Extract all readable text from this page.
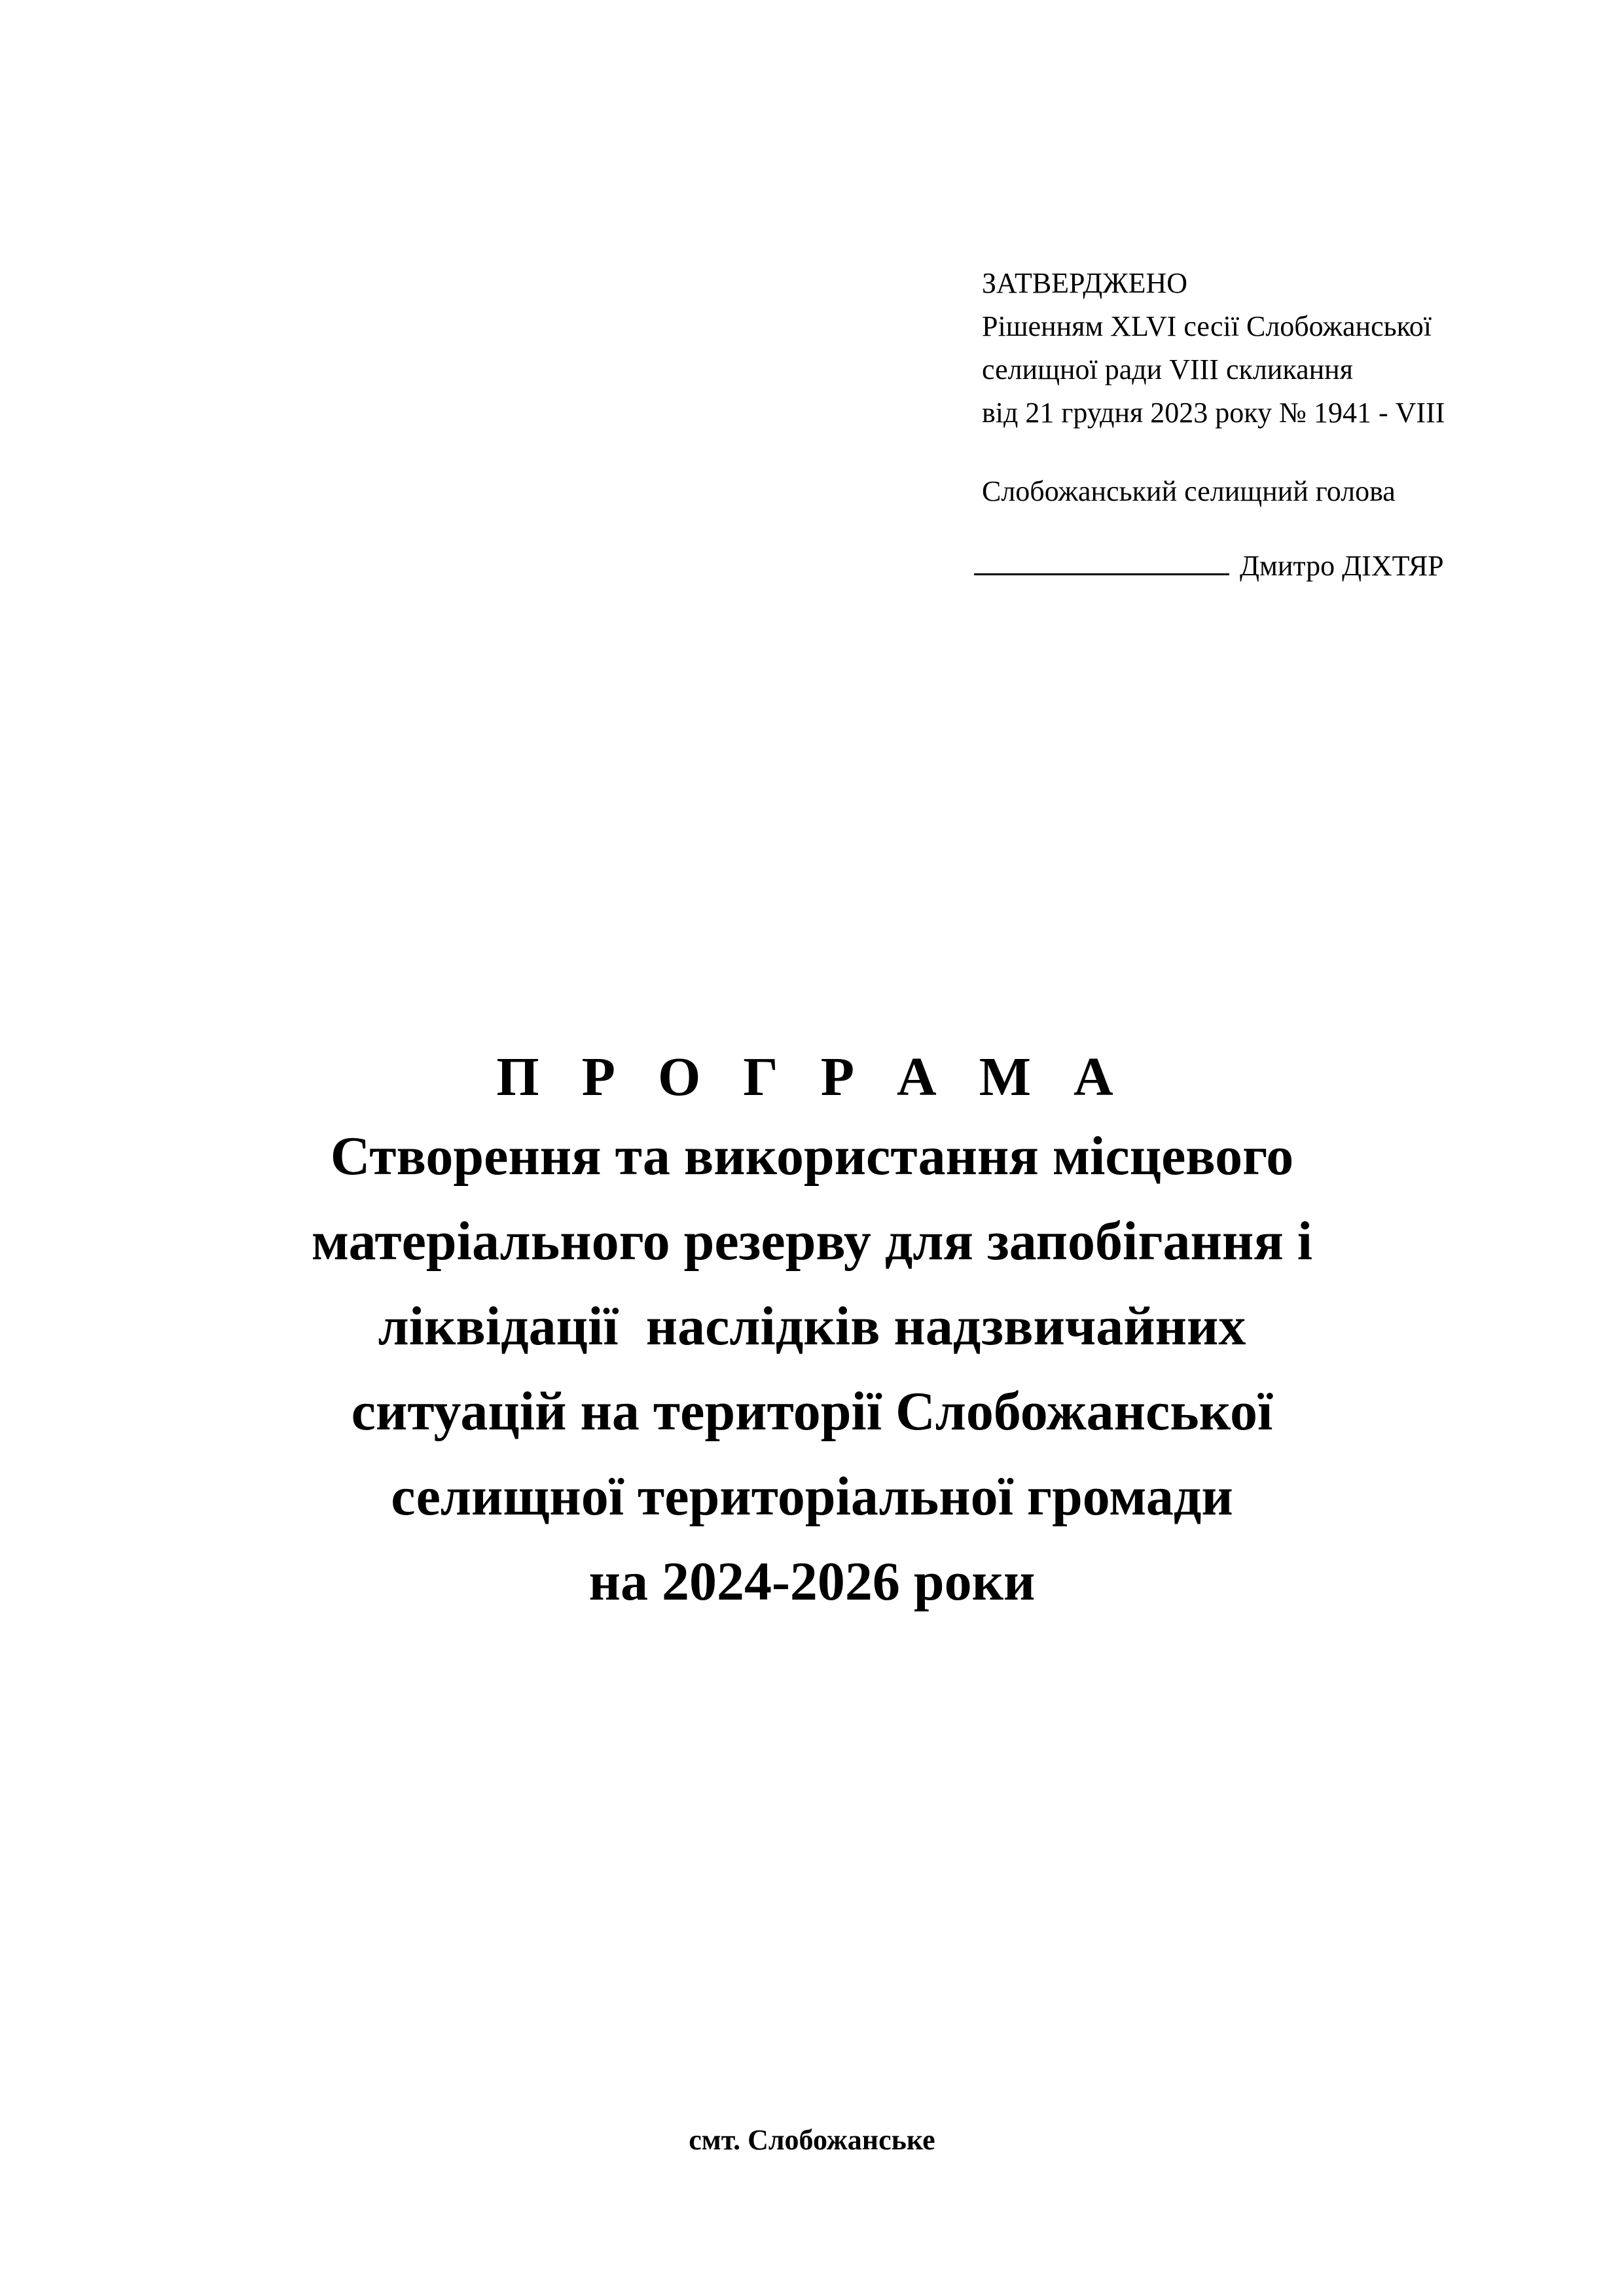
ЗАТВЕРДЖЕНО
Рішенням XLVI сесії Слобожанської
селищної ради VIII скликання
від 21 грудня 2023 року № 1941 - VIII
Слобожанський селищний голова
Дмитро ДІХТЯР
П Р О Г Р А М А
Створення та використання місцевого
матеріального резерву для запобігання і
ліквідації  наслідків надзвичайних
ситуацій на території Слобожанської
селищної територіальної громади
на 2024-2026 роки
смт. Слобожанське
